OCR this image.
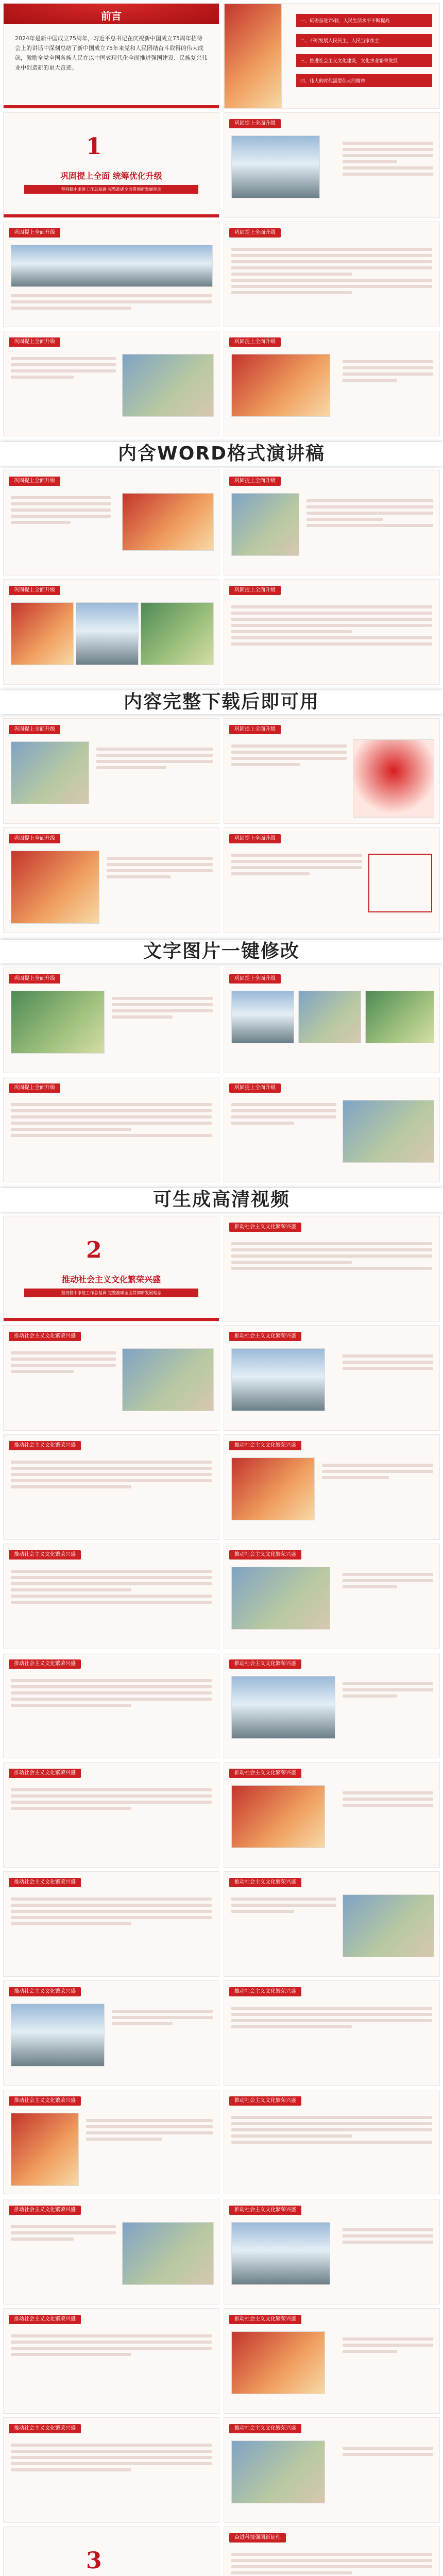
前言
2024年是新中国成立75周年，习近平总书记在庆祝新中国成立75周年招待会上的讲话中深刻总结了新中国成立75年来党和人民团结奋斗取得的伟大成就，激励全党全国各族人民在以中国式现代化全面推进强国建设、民族复兴伟业中创造新的更大奇迹。
一、砥砺奋进75载，人民生活水平不断提高
二、不断发展人民民主，人民当家作主
三、推进社会主义文化建设，文化事业繁荣发展
四、伟大的时代需要伟大的精神
1
巩固提上全面 统筹优化升级
坚持稳中求进工作总基调 完整准确全面贯彻新发展理念
巩固提上全面升级
巩固提上全面升级	巩固提上全面升级
巩固提上全面升级	巩固提上全面升级
内含WORD格式演讲稿
巩固提上全面升级	巩固提上全面升级
巩固提上全面升级	巩固提上全面升级
内容完整下载后即可用
巩固提上全面升级	巩固提上全面升级
巩固提上全面升级	巩固提上全面升级
文字图片一键修改
巩固提上全面升级	巩固提上全面升级
巩固提上全面升级	巩固提上全面升级
可生成高清视频
2
推动社会主义文化繁荣兴盛
坚持稳中求进工作总基调 完整准确全面贯彻新发展理念
推动社会主义文化繁荣兴盛
推动社会主义文化繁荣兴盛	推动社会主义文化繁荣兴盛
推动社会主义文化繁荣兴盛	推动社会主义文化繁荣兴盛
推动社会主义文化繁荣兴盛	推动社会主义文化繁荣兴盛
推动社会主义文化繁荣兴盛	推动社会主义文化繁荣兴盛
推动社会主义文化繁荣兴盛	推动社会主义文化繁荣兴盛
推动社会主义文化繁荣兴盛	推动社会主义文化繁荣兴盛
推动社会主义文化繁荣兴盛	推动社会主义文化繁荣兴盛
推动社会主义文化繁荣兴盛	推动社会主义文化繁荣兴盛
推动社会主义文化繁荣兴盛	推动社会主义文化繁荣兴盛
推动社会主义文化繁荣兴盛	推动社会主义文化繁荣兴盛
推动社会主义文化繁荣兴盛	推动社会主义文化繁荣兴盛
3
奋进科技强国新征程
